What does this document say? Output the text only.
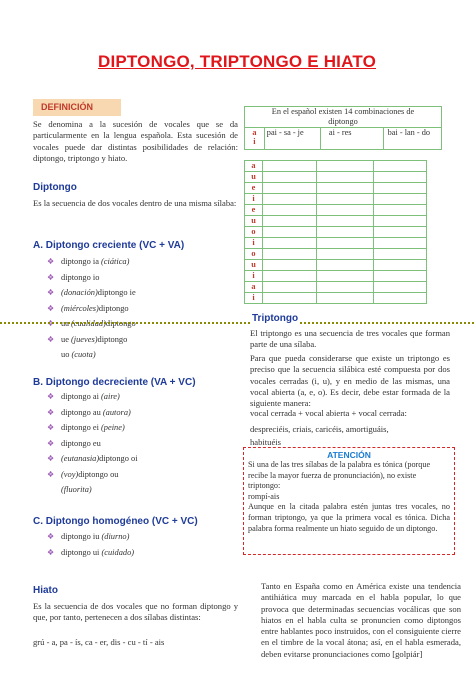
DIPTONGO, TRIPTONGO E HIATO
DEFINICIÓN
Se denomina a la sucesión de vocales que se da particularmente en la lengua española. Esta sucesión de vocales puede dar distintas posibilidades de relación: diptongo, triptongo y hiato.
Diptongo
Es la secuencia de dos vocales dentro de una misma sílaba:
A. Diptongo creciente (VC + VA)
❖ diptongo ia
(ciática)
❖ diptongo io
❖ (donación) diptongo ie
❖ (miércoles) diptongo
❖ ua
(cualidad) diptongo
❖ ue
(jueves) diptongo
uo
(cuota)
B. Diptongo decreciente (VA + VC)
❖ diptongo ai
(aire)
❖ diptongo au
(autora)
❖ diptongo ei
(peine)
❖ diptongo eu
❖ (eutanasia) diptongo oi
❖ (voy) diptongo ou
(fluorita)
C. Diptongo homogéneo (VC + VC)
❖ diptongo iu
(diurno)
❖ diptongo ui
(cuidado)
Hiato
Es la secuencia de dos vocales que no forman diptongo y que, por tanto, pertenecen a dos sílabas distintas:
grú - a, pa - ís, ca - er, dis - cu - tí - ais
En el español existen 14 combinaciones de
diptongo

a
i
	pai - sa - je	ai - res	bai - lan - do
a			
u			
e			
i			
e			
u			
o			
i			
o			
u			
i			
a			
i			
Triptongo
El triptongo es una secuencia de tres vocales que forman parte de una sílaba.
Para que pueda considerarse que existe un triptongo es preciso que la secuencia silábica esté compuesta por dos vocales cerradas (i, u), y en medio de las mismas, una vocal abierta (a, e, o). Es decir, debe estar formada de la siguiente manera:
vocal cerrada + vocal abierta + vocal cerrada:
despreciéis, criais, caricéis, amortiguáis,
habituéis
ATENCIÓN
Si una de las tres sílabas de la palabra es tónica (porque recibe la mayor fuerza de pronunciación), no existe triptongo:
rompí-ais
Aunque en la citada palabra estén juntas tres vocales, no forman triptongo, ya que la primera vocal es tónica. Dicha palabra forma realmente un hiato seguido de un diptongo.
Tanto en España como en América existe una tendencia antihiática muy marcada en el habla popular, lo que provoca que determinadas secuencias vocálicas que son hiatos en el habla culta se pronuncien como diptongos entre hablantes poco instruidos, con el consiguiente cierre en el timbre de la vocal átona; así, en el habla esmerada, deben evitarse pronunciaciones como [golpiár]
